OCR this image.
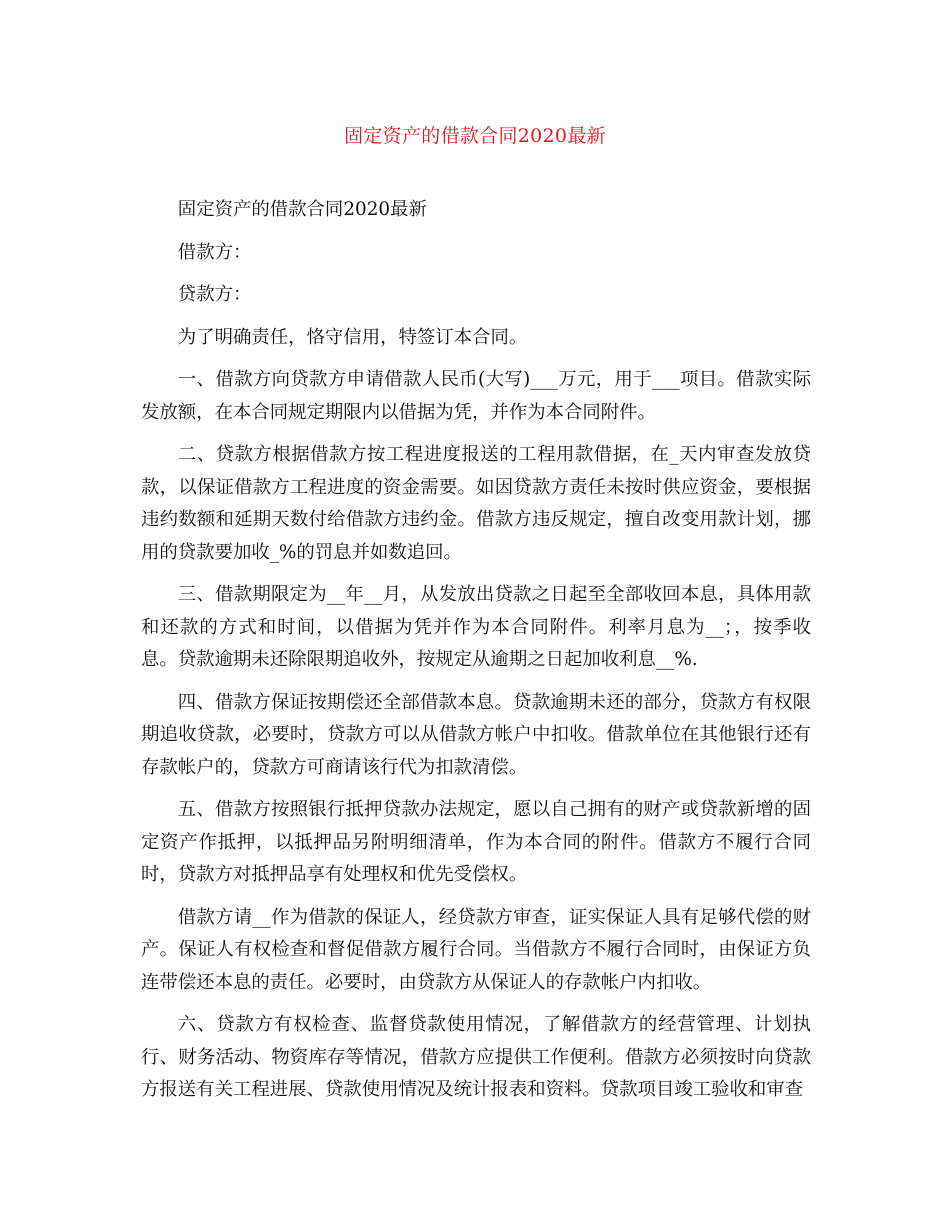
固定资产的借款合同2020最新

固定资产的借款合同2020最新

借款方：

贷款方：

为了明确责任，恪守信用，特签订本合同。

一、借款方向贷款方申请借款人民币(大写)___万元，用于___项目。借款实际发放额，在本合同规定期限内以借据为凭，并作为本合同附件。

二、贷款方根据借款方按工程进度报送的工程用款借据，在_天内审查发放贷款，以保证借款方工程进度的资金需要。如因贷款方责任未按时供应资金，要根据违约数额和延期天数付给借款方违约金。借款方违反规定，擅自改变用款计划，挪用的贷款要加收_%的罚息并如数追回。

三、借款期限定为__年__月，从发放出贷款之日起至全部收回本息，具体用款和还款的方式和时间，以借据为凭并作为本合同附件。利率月息为__；，按季收息。贷款逾期未还除限期追收外，按规定从逾期之日起加收利息__%.

四、借款方保证按期偿还全部借款本息。贷款逾期未还的部分，贷款方有权限期追收贷款，必要时，贷款方可以从借款方帐户中扣收。借款单位在其他银行还有存款帐户的，贷款方可商请该行代为扣款清偿。

五、借款方按照银行抵押贷款办法规定，愿以自己拥有的财产或贷款新增的固定资产作抵押，以抵押品另附明细清单，作为本合同的附件。借款方不履行合同时，贷款方对抵押品享有处理权和优先受偿权。

借款方请__作为借款的保证人，经贷款方审查，证实保证人具有足够代偿的财产。保证人有权检查和督促借款方履行合同。当借款方不履行合同时，由保证方负连带偿还本息的责任。必要时，由贷款方从保证人的存款帐户内扣收。

六、贷款方有权检查、监督贷款使用情况，了解借款方的经营管理、计划执行、财务活动、物资库存等情况，借款方应提供工作便利。借款方必须按时向贷款方报送有关工程进展、贷款使用情况及统计报表和资料。贷款项目竣工验收和审查
